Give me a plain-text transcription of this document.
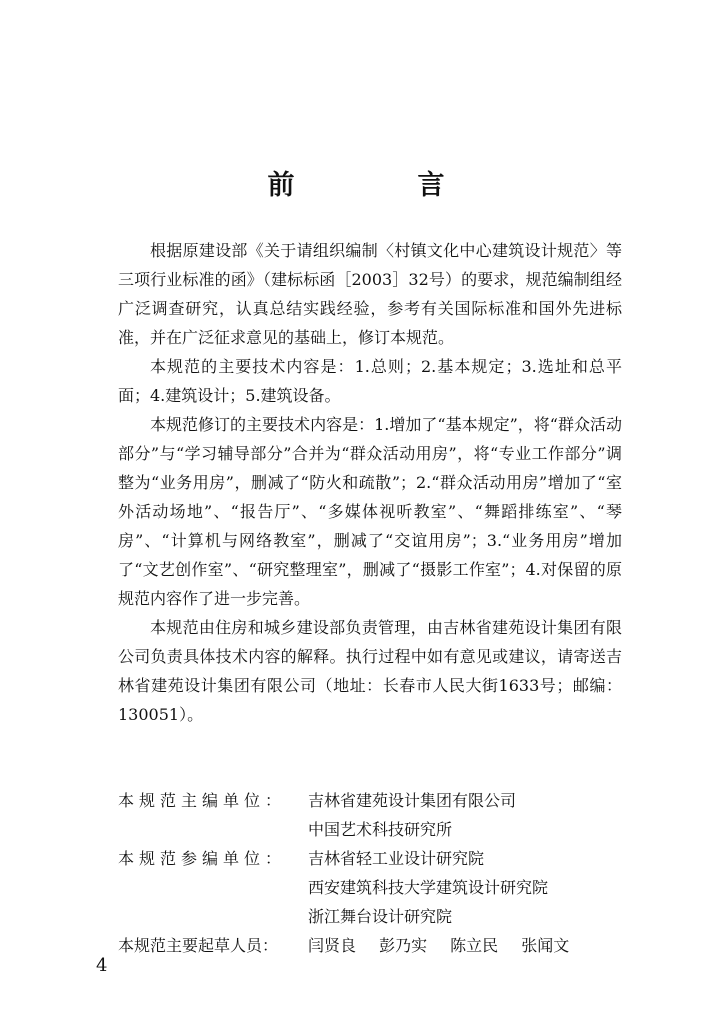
前　言

根据原建设部《关于请组织编制〈村镇文化中心建筑设计规范〉等三项行业标准的函》（建标标函［2003］32号）的要求，规范编制组经广泛调查研究，认真总结实践经验，参考有关国际标准和国外先进标准，并在广泛征求意见的基础上，修订本规范。

本规范的主要技术内容是：1.总则；2.基本规定；3.选址和总平面；4.建筑设计；5.建筑设备。

本规范修订的主要技术内容是：1.增加了“基本规定”，将“群众活动部分”与“学习辅导部分”合并为“群众活动用房”，将“专业工作部分”调整为“业务用房”，删减了“防火和疏散”；2.“群众活动用房”增加了“室外活动场地”、“报告厅”、“多媒体视听教室”、“舞蹈排练室”、“琴房”、“计算机与网络教室”，删减了“交谊用房”；3.“业务用房”增加了“文艺创作室”、“研究整理室”，删减了“摄影工作室”；4.对保留的原规范内容作了进一步完善。

本规范由住房和城乡建设部负责管理，由吉林省建苑设计集团有限公司负责具体技术内容的解释。执行过程中如有意见或建议，请寄送吉林省建苑设计集团有限公司（地址：长春市人民大街1633号；邮编：130051）。

本规范主编单位：	吉林省建苑设计集团有限公司
中国艺术科技研究所
本规范参编单位：	吉林省轻工业设计研究院
西安建筑科技大学建筑设计研究院
浙江舞台设计研究院
本规范主要起草人员：	闫贤良 彭乃实 陈立民 张闻文
4
